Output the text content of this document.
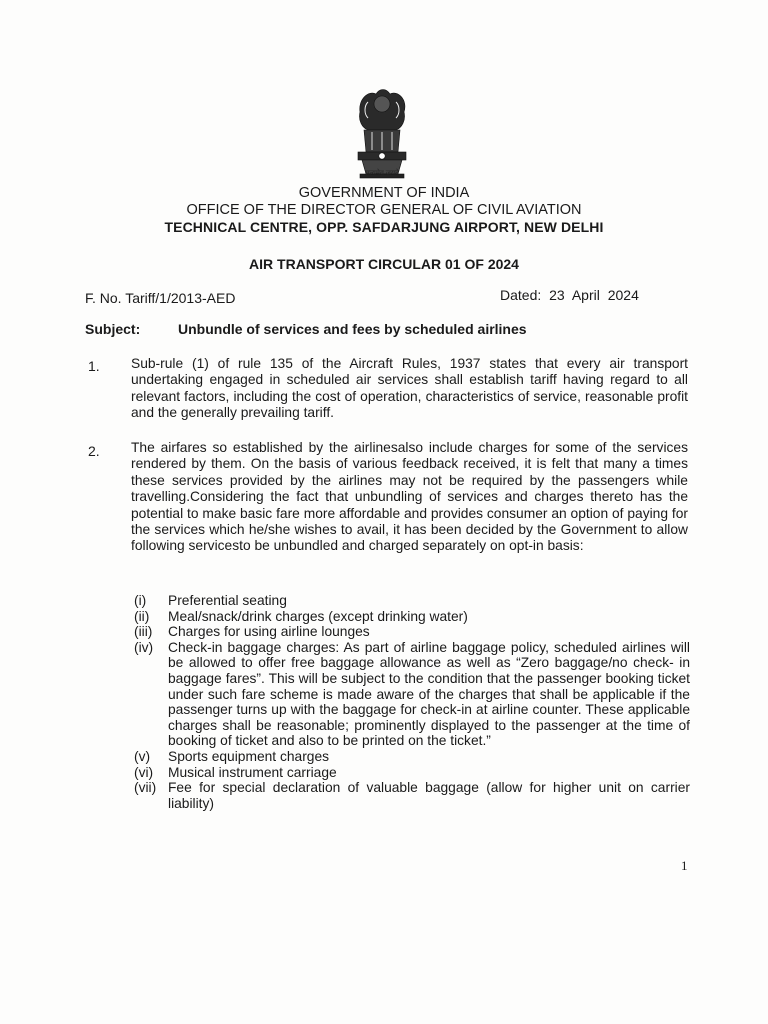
सत्यमेव जयते
GOVERNMENT OF INDIA
OFFICE OF THE DIRECTOR GENERAL OF CIVIL AVIATION
TECHNICAL CENTRE, OPP. SAFDARJUNG AIRPORT, NEW DELHI
AIR TRANSPORT CIRCULAR 01 OF 2024
F. No. Tariff/1/2013-AED	Dated: 23 April 2024
Subject:	Unbundle of services and fees by scheduled airlines
1. Sub-rule (1) of rule 135 of the Aircraft Rules, 1937 states that every air transport undertaking engaged in scheduled air services shall establish tariff having regard to all relevant factors, including the cost of operation, characteristics of service, reasonable profit and the generally prevailing tariff.

2. The airfares so established by the airlinesalso include charges for some of the services rendered by them. On the basis of various feedback received, it is felt that many a times these services provided by the airlines may not be required by the passengers while travelling.Considering the fact that unbundling of services and charges thereto has the potential to make basic fare more affordable and provides consumer an option of paying for the services which he/she wishes to avail, it has been decided by the Government to allow following servicesto be unbundled and charged separately on opt-in basis:

(i)	Preferential seating
(ii)	Meal/snack/drink charges (except drinking water)
(iii)	Charges for using airline lounges
(iv)	Check-in baggage charges: As part of airline baggage policy, scheduled airlines will be allowed to offer free baggage allowance as well as “Zero baggage/no check- in baggage fares”. This will be subject to the condition that the passenger booking ticket under such fare scheme is made aware of the charges that shall be applicable if the passenger turns up with the baggage for check-in at airline counter. These applicable charges shall be reasonable; prominently displayed to the passenger at the time of booking of ticket and also to be printed on the ticket.”
(v)	Sports equipment charges
(vi)	Musical instrument carriage
(vii) Fee for special declaration of valuable baggage (allow for higher unit on carrier liability)
1
